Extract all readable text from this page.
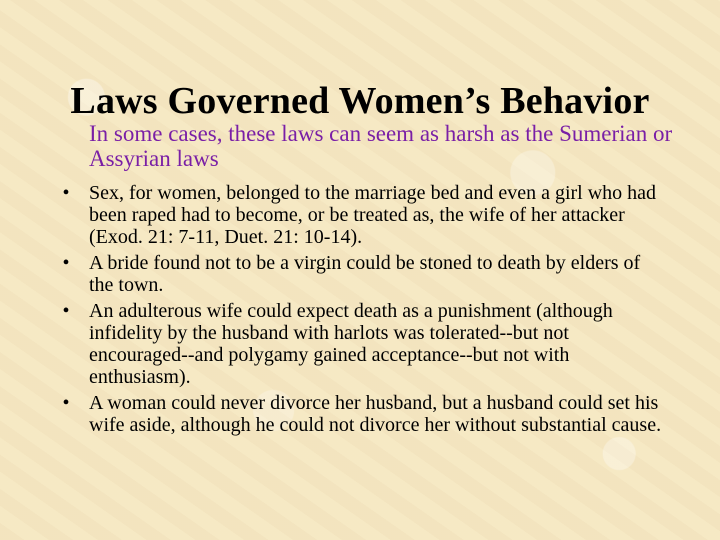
Laws Governed Women’s Behavior
In some cases, these laws can seem as harsh as the Sumerian or Assyrian laws
• Sex, for women, belonged to the marriage bed and even a girl who had been raped had to become, or be treated as, the wife of her attacker (Exod. 21: 7-11, Duet. 21: 10-14).
• A bride found not to be a virgin could be stoned to death by elders of the town.
• An adulterous wife could expect death as a punishment (although infidelity by the husband with harlots was tolerated--but not encouraged--and polygamy gained acceptance--but not with enthusiasm).
• A woman could never divorce her husband, but a husband could set his wife aside, although he could not divorce her without substantial cause.
